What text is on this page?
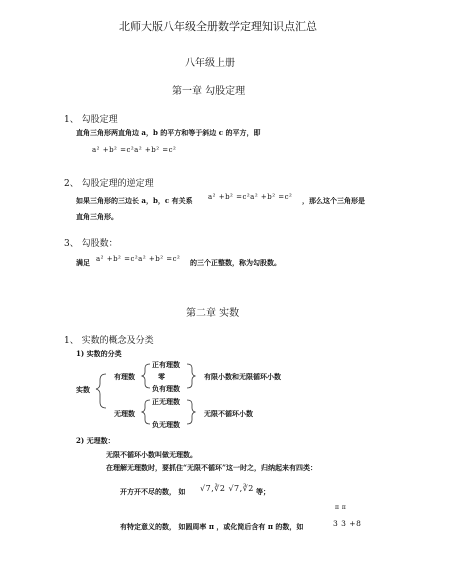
北师大版八年级全册数学定理知识点汇总
八年级上册
第一章 勾股定理
1、 勾股定理
直角三角形两直角边 a，b 的平方和等于斜边 c 的平方，即
a² +b² =c²a² +b² =c²
2、 勾股定理的逆定理
如果三角形的三边长 a，b，c 有关系 a² +b² =c²a² +b² =c² ，那么这个三角形是
直角三角形。
3、 勾股数：
满足 a² +b² =c²a² +b² =c² 的三个正整数，称为勾股数。
第二章 实数
1、 实数的概念及分类
1) 实数的分类
实数
有理数
无理数
正有理数
零
负有理数
正无理数
负无理数
有限小数和无限循环小数
无限不循环小数
2) 无理数：
无限不循环小数叫做无理数。
在理解无理数时，要抓住“无限不循环”这一时之，归纳起来有四类：
开方开不尽的数， 如 √7,∛2 √7,∛2 等；
有特定意义的数， 如圆周率 π ，或化简后含有 π 的数，如
π π
3 3 +8
